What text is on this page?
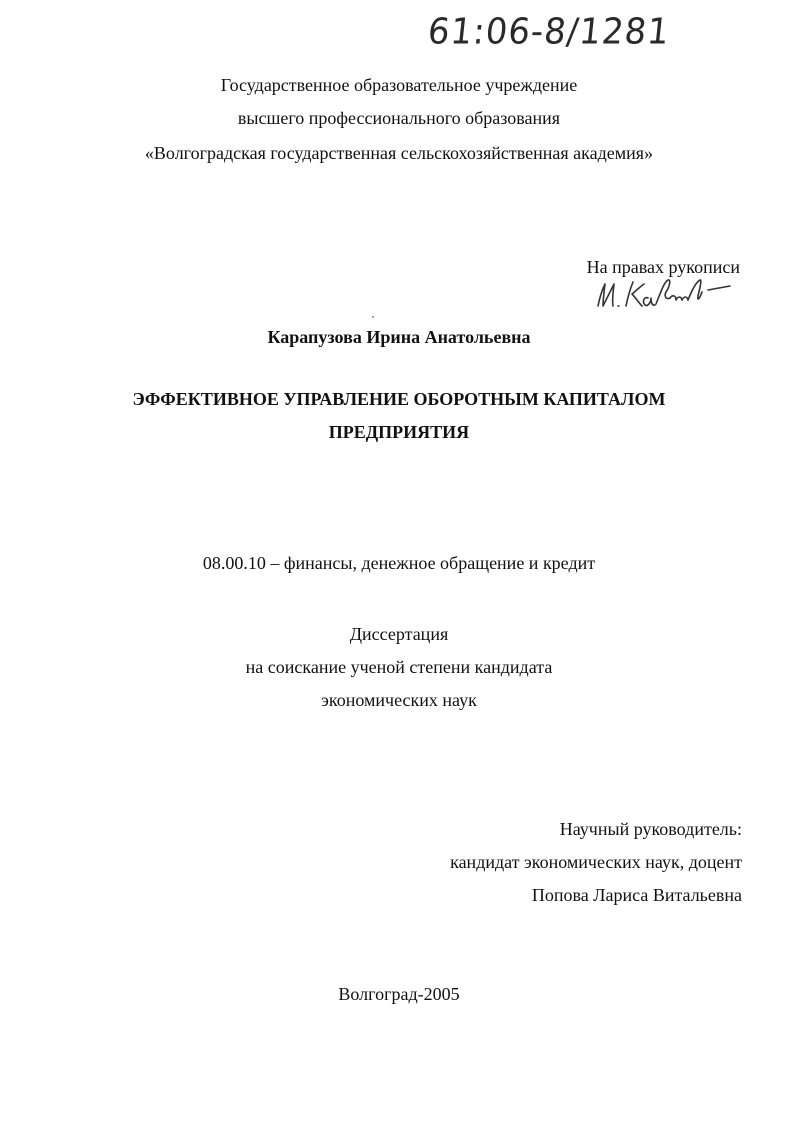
61:06-8/1281
Государственное образовательное учреждение
высшего профессионального образования
«Волгоградская государственная сельскохозяйственная академия»
На правах рукописи
Карапузова Ирина Анатольевна
ЭФФЕКТИВНОЕ УПРАВЛЕНИЕ ОБОРОТНЫМ КАПИТАЛОМ
ПРЕДПРИЯТИЯ
08.00.10 – финансы, денежное обращение и кредит
Диссертация
на соискание ученой степени кандидата
экономических наук
Научный руководитель:
кандидат экономических наук, доцент
Попова Лариса Витальевна
Волгоград-2005
